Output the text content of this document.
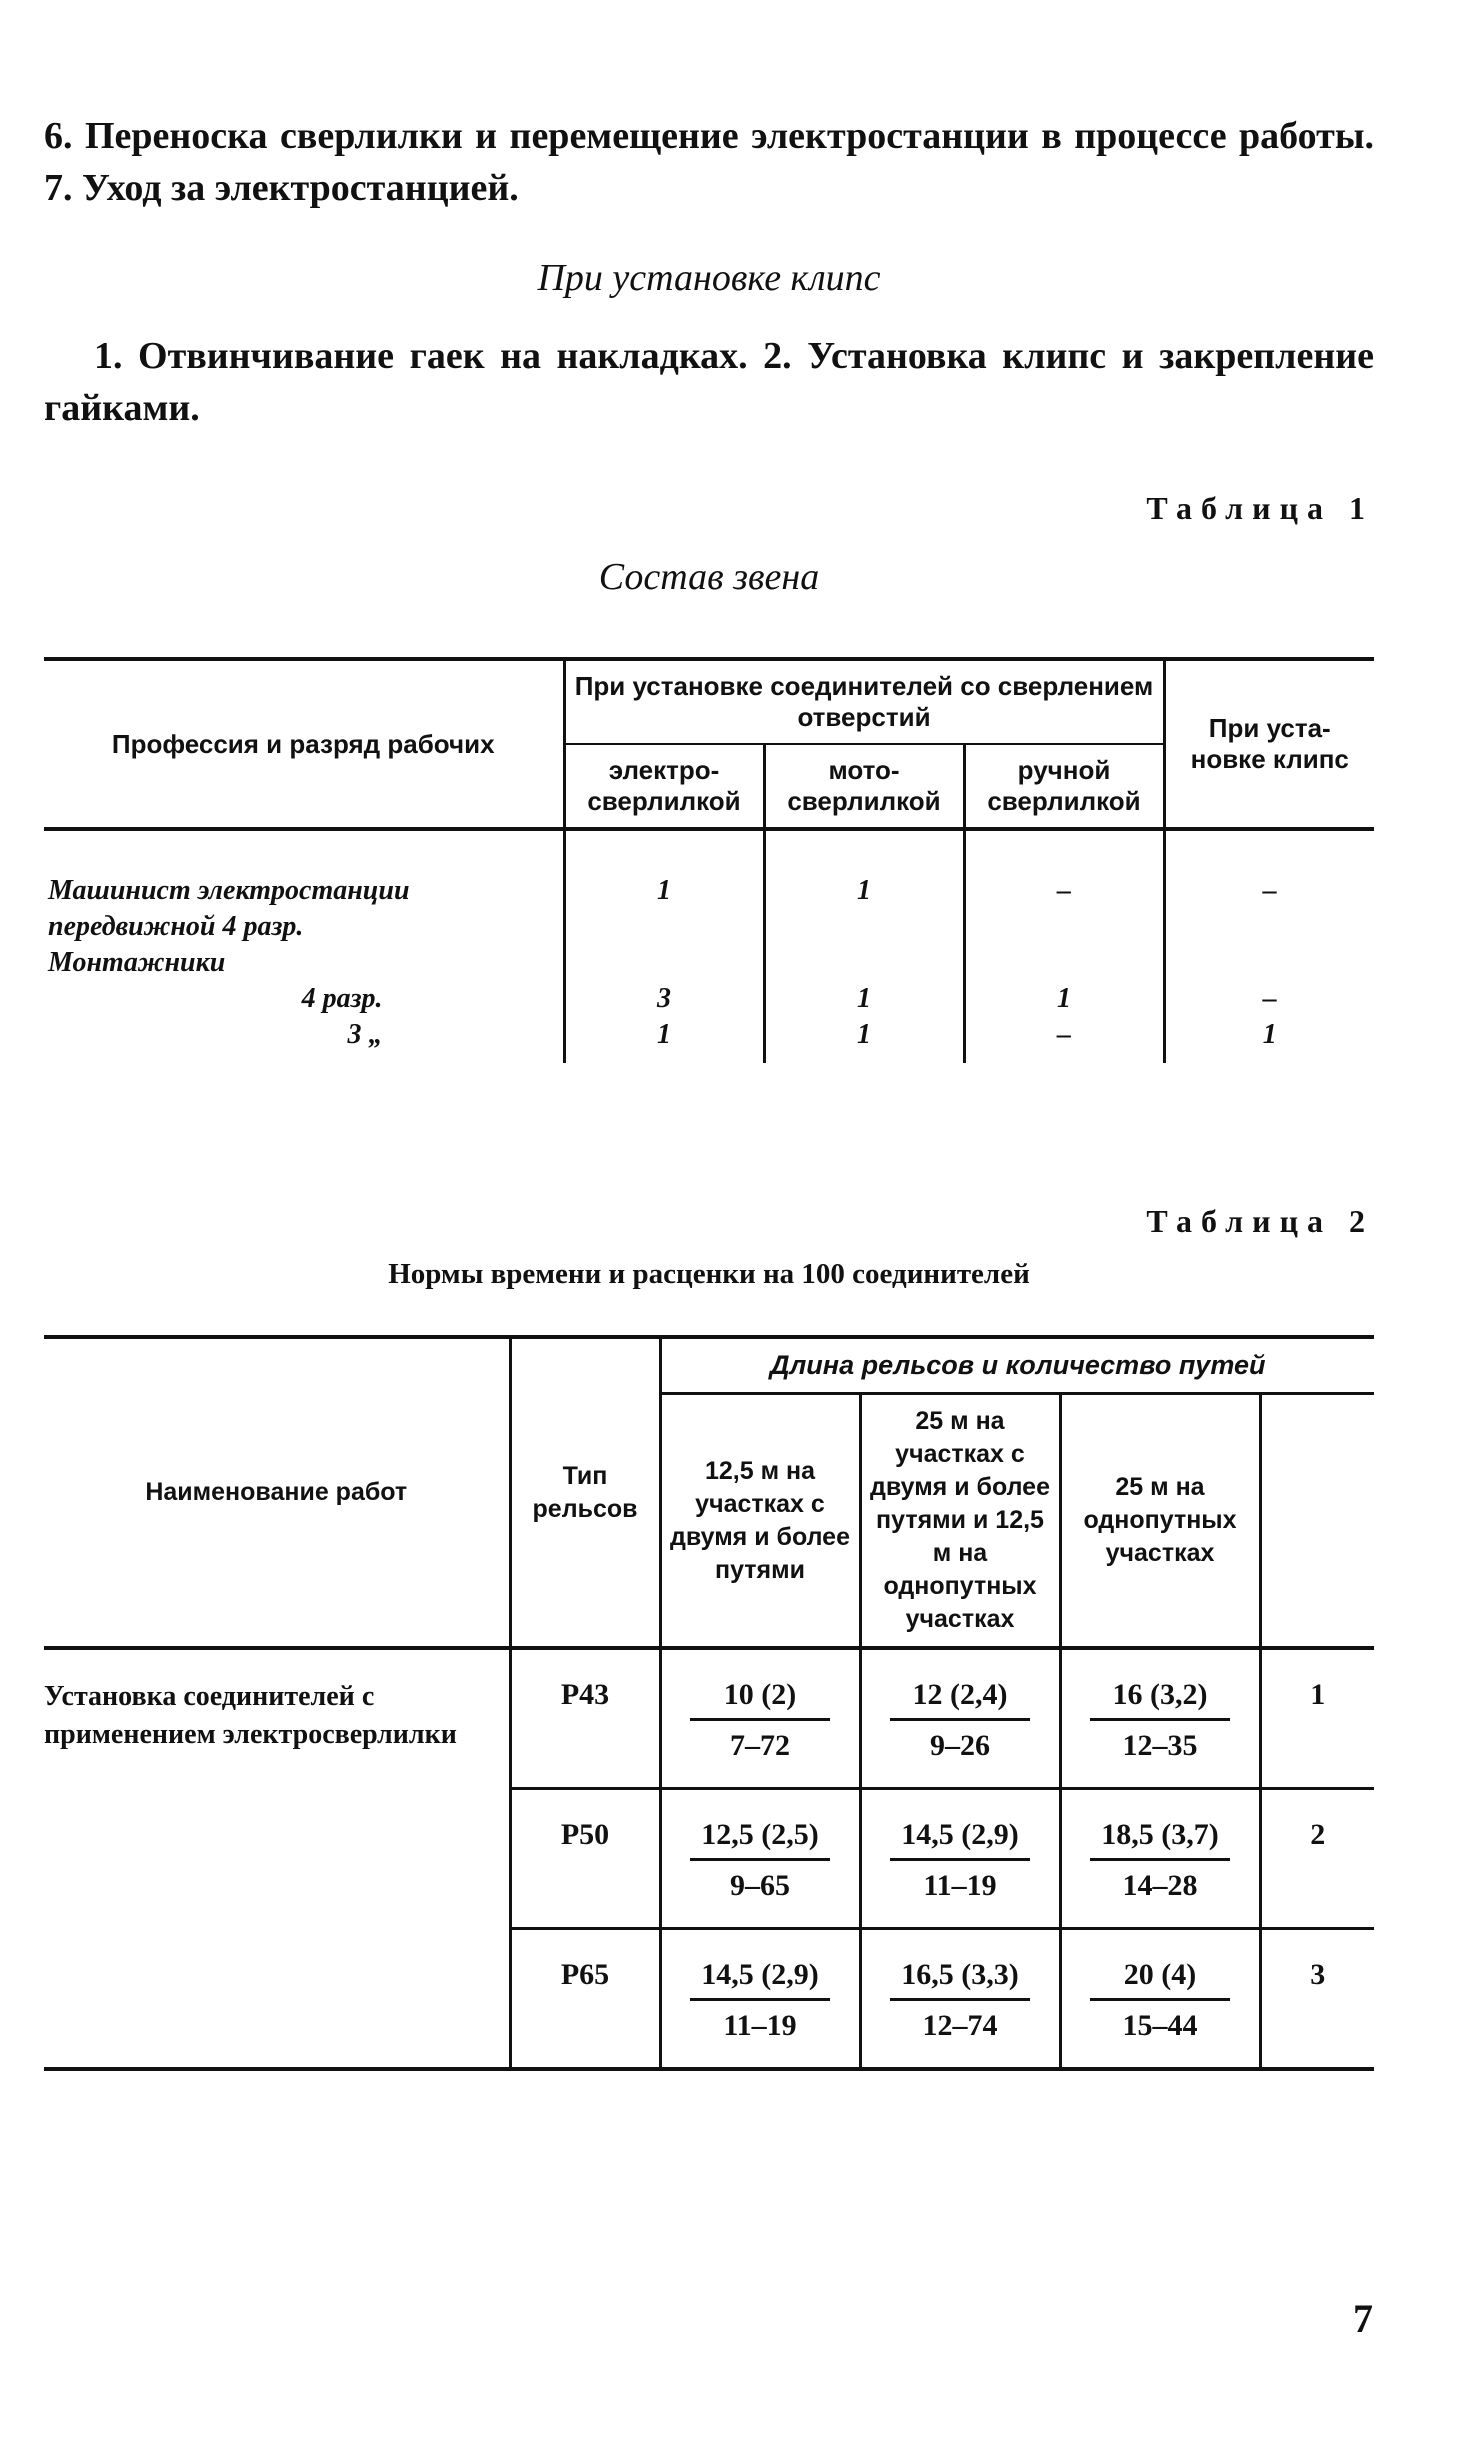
6. Переноска сверлилки и перемещение электростанции в процессе работы. 7. Уход за электростанцией.

При установке клипс

1. Отвинчивание гаек на накладках. 2. Установка клипс и закрепление гайками.

Таблица 1

Состав звена
Профессия и разряд рабочих	При установке соединителей со сверлением отверстий			При уста- новке клипс
	электро- сверлилкой	мото- сверлилкой	ручной сверлилкой	
Машинист электростанции передвижной 4 разр.	1	1	–	–
Монтажники				
4 разр.	3	1	1	–
3 „	1	1	–	1

Таблица 2

Нормы времени и расценки на 100 соединителей
Наименование работ	Тип рельсов	Длина рельсов и количество путей			
		12,5 м на участках с двумя и более путями	25 м на участках с двумя и более путями и 12,5 м на однопутных участках	25 м на однопутных участках	
Установка соединителей с применением электросверлилки	Р43	$\frac{10 (2)}{7-72}$	$\frac{12 (2,4)}{9-26}$	$\frac{16 (3,2)}{12-35}$	1
	Р50	$\frac{12,5 (2,5)}{9-65}$	$\frac{14,5 (2,9)}{11-19}$	$\frac{18,5 (3,7)}{14-28}$	2
	Р65	$\frac{14,5 (2,9)}{11-19}$	$\frac{16,5 (3,3)}{12-74}$	$\frac{20 (4)}{15-44}$	3
7
